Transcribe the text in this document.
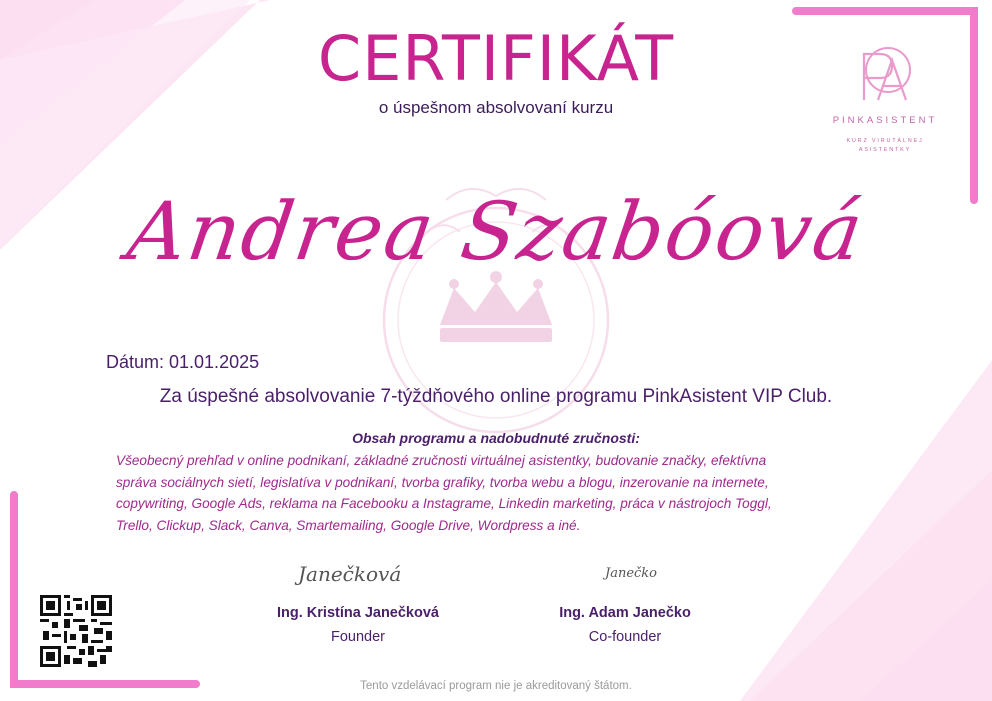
PINKASISTENT
KURZ VIRUTÁLNEJ
ASISTENTKY
CERTIFIKÁT
o úspešnom absolvovaní kurzu
Andrea Szabóová
Dátum: 01.01.2025
Za úspešné absolvovanie 7-týždňového online programu PinkAsistent VIP Club.
Obsah programu a nadobudnuté zručnosti:
Všeobecný prehľad v online podnikaní, základné zručnosti virtuálnej asistentky, budovanie značky, efektívna
správa sociálnych sietí, legislatíva v podnikaní, tvorba grafiky, tvorba webu a blogu, inzerovanie na internete,
copywriting, Google Ads, reklama na Facebooku a Instagrame, Linkedin marketing, práca v nástrojoch Toggl,
Trello, Clickup, Slack, Canva, Smartemailing, Google Drive, Wordpress a iné.
Janečková
Ing. Kristína Janečková
Founder
Janečko
Ing. Adam Janečko
Co-founder
Tento vzdelávací program nie je akreditovaný štátom.
